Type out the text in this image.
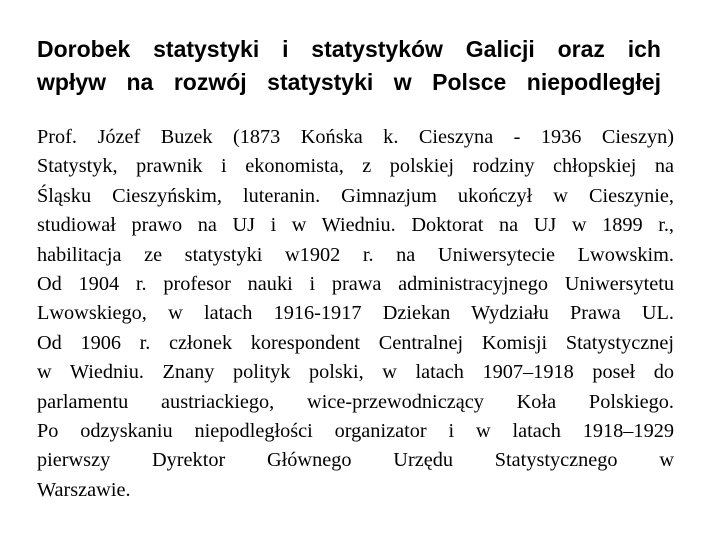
Dorobek statystyki i statystyków Galicji oraz ich
wpływ na rozwój statystyki w Polsce niepodległej
Prof. Józef Buzek (1873 Końska k. Cieszyna - 1936 Cieszyn)
Statystyk, prawnik i ekonomista, z polskiej rodziny chłopskiej na
Śląsku Cieszyńskim, luteranin. Gimnazjum ukończył w Cieszynie,
studiował prawo na UJ i w Wiedniu. Doktorat na UJ w 1899 r.,
habilitacja ze statystyki w1902 r. na Uniwersytecie Lwowskim.
Od 1904 r. profesor nauki i prawa administracyjnego Uniwersytetu
Lwowskiego, w latach 1916-1917 Dziekan Wydziału Prawa UL.
Od 1906 r. członek korespondent Centralnej Komisji Statystycznej
w Wiedniu. Znany polityk polski, w latach 1907–1918 poseł do
parlamentu austriackiego, wice-przewodniczący Koła Polskiego.
Po odzyskaniu niepodległości organizator i w latach 1918–1929
pierwszy Dyrektor Głównego Urzędu Statystycznego w
Warszawie.
